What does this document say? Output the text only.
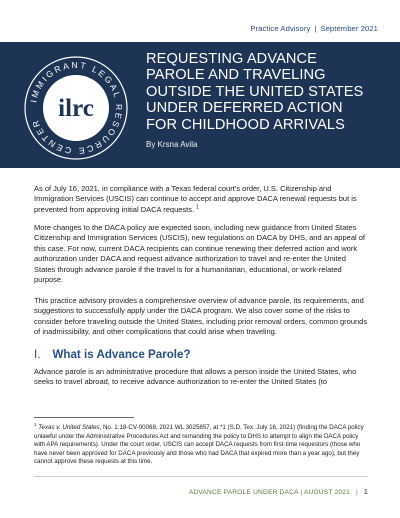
Practice Advisory | September 2021
IMMIGRANT LEGAL RESOURCE CENTER
ilrc
REQUESTING ADVANCE
PAROLE AND TRAVELING
OUTSIDE THE UNITED STATES
UNDER DEFERRED ACTION
FOR CHILDHOOD ARRIVALS
By Krsna Avila

As of July 16, 2021, in compliance with a Texas federal court’s order, U.S. Citizenship and Immigration Services (USCIS) can continue to accept and approve DACA renewal requests but is prevented from approving initial DACA requests. $^1$

More changes to the DACA policy are expected soon, including new guidance from United States Citizenship and Immigration Services (USCIS), new regulations on DACA by DHS, and an appeal of this case. For now, current DACA recipients can continue renewing their deferred action and work authorization under DACA and request advance authorization to travel and re-enter the United States through advance parole if the travel is for a humanitarian, educational, or work-related purpose.

This practice advisory provides a comprehensive overview of advance parole, its requirements, and suggestions to successfully apply under the DACA program. We also cover some of the risks to consider before traveling outside the United States, including prior removal orders, common grounds of inadmissibility, and other complications that could arise when traveling.

I. What is Advance Parole?

Advance parole is an administrative procedure that allows a person inside the United States, who seeks to travel abroad, to receive advance authorization to re-enter the United States (to

$^1$ Texas v. United States, No. 1:18-CV-00068, 2021 WL 3025857, at *1 (S.D. Tex. July 16, 2021) (finding the DACA policy unlawful under the Administrative Procedures Act and remanding the policy to DHS to attempt to align the DACA policy with APA requirements). Under the court order, USCIS can accept DACA requests from first-time requestors (those who have never been approved for DACA previously and those who had DACA that expired more than a year ago), but they cannot approve these requests at this time.

ADVANCE PAROLE UNDER DACA | AUGUST 2021 | 1
